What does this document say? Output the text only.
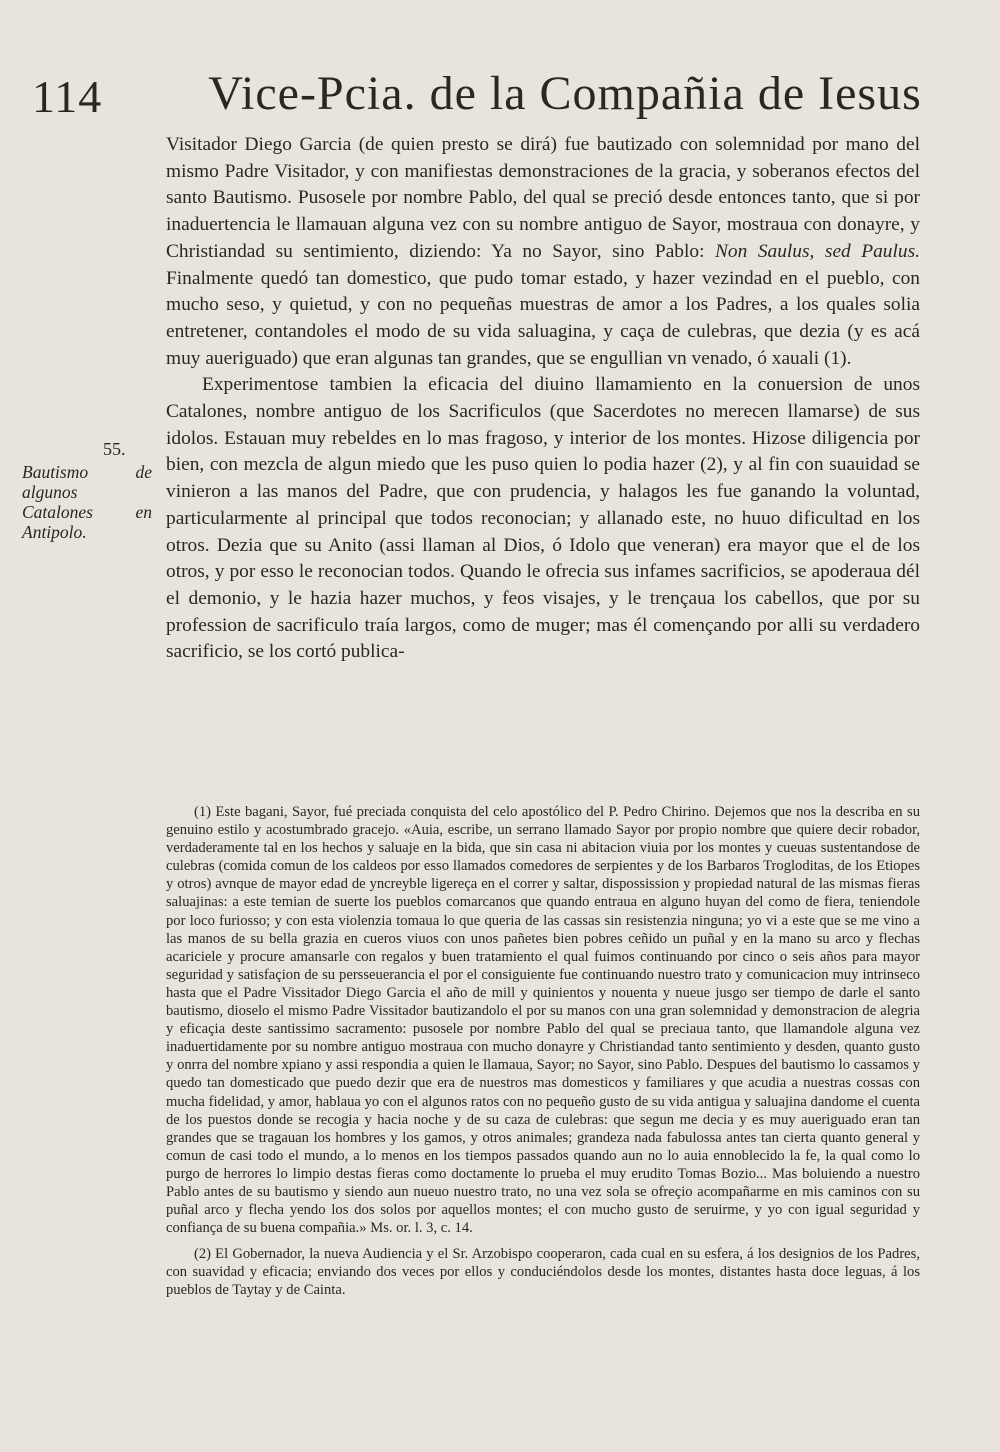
114	Vice-Pcia. de la Compañia de Iesus

Visitador Diego Garcia (de quien presto se dirá) fue bautizado con solemnidad por mano del mismo Padre Visitador, y con manifiestas demonstraciones de la gracia, y soberanos efectos del santo Bautismo. Pusosele por nombre Pablo, del qual se preció desde entonces tanto, que si por inaduertencia le llamauan alguna vez con su nombre antiguo de Sayor, mostraua con donayre, y Christiandad su sentimiento, diziendo: Ya no Sayor, sino Pablo: Non Saulus, sed Paulus. Finalmente quedó tan domestico, que pudo tomar estado, y hazer vezindad en el pueblo, con mucho seso, y quietud, y con no pequeñas muestras de amor a los Padres, a los quales solia entretener, contandoles el modo de su vida saluagina, y caça de culebras, que dezia (y es acá muy aueriguado) que eran algunas tan grandes, que se engullian vn venado, ó xauali (1).

Experimentose tambien la eficacia del diuino llamamiento en la conuersion de unos Catalones, nombre antiguo de los Sacrificulos (que Sacerdotes no merecen llamarse) de sus idolos. Estauan muy rebeldes en lo mas fragoso, y interior de los montes. Hizose diligencia por bien, con mezcla de algun miedo que les puso quien lo podia hazer (2), y al fin con suauidad se vinieron a las manos del Padre, que con prudencia, y halagos les fue ganando la voluntad, particularmente al principal que todos reconocian; y allanado este, no huuo dificultad en los otros. Dezia que su Anito (assi llaman al Dios, ó Idolo que veneran) era mayor que el de los otros, y por esso le reconocian todos. Quando le ofrecia sus infames sacrificios, se apoderaua dél el demonio, y le hazia hazer muchos, y feos visajes, y le trençaua los cabellos, que por su profession de sacrificulo traía largos, como de muger; mas él començando por alli su verdadero sacrificio, se los cortó publica-

55.

Bautismo de algunos Catalones en Antipolo.

(1) Este bagani, Sayor, fué preciada conquista del celo apostólico del P. Pedro Chirino. Dejemos que nos la describa en su genuino estilo y acostumbrado gracejo. «Auia, escribe, un serrano llamado Sayor por propio nombre que quiere decir robador, verdaderamente tal en los hechos y saluaje en la bida, que sin casa ni abitacion viuia por los montes y cueuas sustentandose de culebras (comida comun de los caldeos por esso llamados comedores de serpientes y de los Barbaros Trogloditas, de los Etiopes y otros) avnque de mayor edad de yncreyble ligereça en el correr y saltar, dispossission y propiedad natural de las mismas fieras saluajinas: a este temian de suerte los pueblos comarcanos que quando entraua en alguno huyan del como de fiera, teniendole por loco furiosso; y con esta violenzia tomaua lo que queria de las cassas sin resistenzia ninguna; yo vi a este que se me vino a las manos de su bella grazia en cueros viuos con unos pañetes bien pobres ceñido un puñal y en la mano su arco y flechas acariciele y procure amansarle con regalos y buen tratamiento el qual fuimos continuando por cinco o seis años para mayor seguridad y satisfaçion de su persseuerancia el por el consiguiente fue continuando nuestro trato y comunicacion muy intrinseco hasta que el Padre Vissitador Diego Garcia el año de mill y quinientos y nouenta y nueue jusgo ser tiempo de darle el santo bautismo, dioselo el mismo Padre Vissitador bautizandolo el por su manos con una gran solemnidad y demonstracion de alegria y eficaçia deste santissimo sacramento: pusosele por nombre Pablo del qual se preciaua tanto, que llamandole alguna vez inaduertidamente por su nombre antiguo mostraua con mucho donayre y Christiandad tanto sentimiento y desden, quanto gusto y onrra del nombre xpiano y assi respondia a quien le llamaua, Sayor; no Sayor, sino Pablo. Despues del bautismo lo cassamos y quedo tan domesticado que puedo dezir que era de nuestros mas domesticos y familiares y que acudia a nuestras cossas con mucha fidelidad, y amor, hablaua yo con el algunos ratos con no pequeño gusto de su vida antigua y saluajina dandome el cuenta de los puestos donde se recogia y hacia noche y de su caza de culebras: que segun me decia y es muy aueriguado eran tan grandes que se tragauan los hombres y los gamos, y otros animales; grandeza nada fabulossa antes tan cierta quanto general y comun de casi todo el mundo, a lo menos en los tiempos passados quando aun no lo auia ennoblecido la fe, la qual como lo purgo de herrores lo limpio destas fieras como doctamente lo prueba el muy erudito Tomas Bozio... Mas boluiendo a nuestro Pablo antes de su bautismo y siendo aun nueuo nuestro trato, no una vez sola se ofreçio acompañarme en mis caminos con su puñal arco y flecha yendo los dos solos por aquellos montes; el con mucho gusto de seruirme, y yo con igual seguridad y confiança de su buena compañia.» Ms. or. l. 3, c. 14.

(2) El Gobernador, la nueva Audiencia y el Sr. Arzobispo cooperaron, cada cual en su esfera, á los designios de los Padres, con suavidad y eficacia; enviando dos veces por ellos y conduciéndolos desde los montes, distantes hasta doce leguas, á los pueblos de Taytay y de Cainta.
